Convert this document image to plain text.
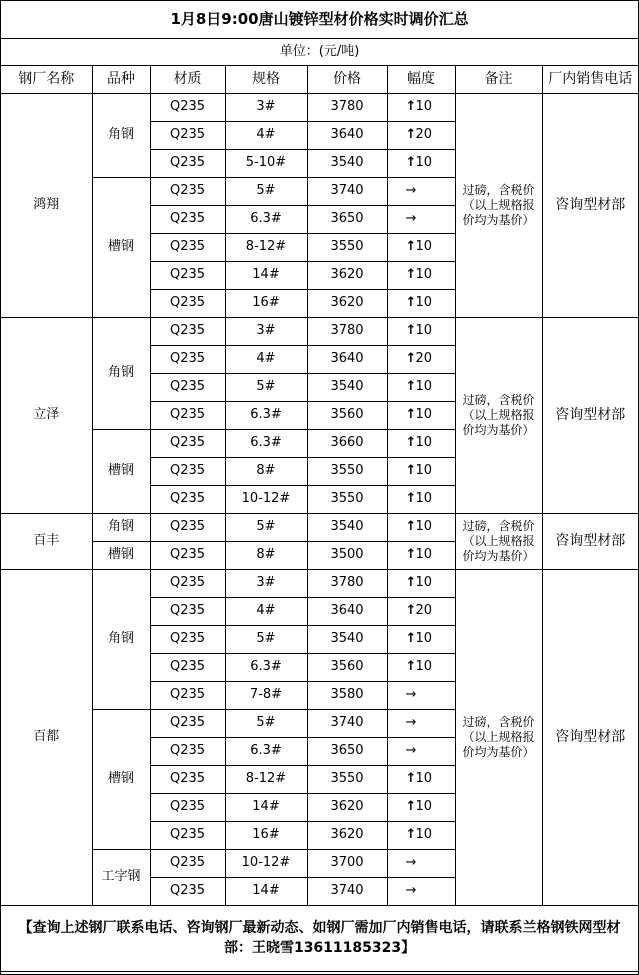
1月8日9:00唐山镀锌型材价格实时调价汇总							
单位：(元/吨)							
钢厂名称	品种	材质	规格	价格	幅度	备注	厂内销售电话
鸿翔	角钢	Q235	3#	3780	↑10	过磅，含税价（以上规格报价均为基价）	咨询型材部
		Q235	4#	3640	↑20		
		Q235	5-10#	3540	↑10		
	槽钢	Q235	5#	3740	→		
		Q235	6.3#	3650	→		
		Q235	8-12#	3550	↑10		
		Q235	14#	3620	↑10		
		Q235	16#	3620	↑10		
立泽	角钢	Q235	3#	3780	↑10	过磅，含税价（以上规格报价均为基价）	咨询型材部
		Q235	4#	3640	↑20		
		Q235	5#	3540	↑10		
		Q235	6.3#	3560	↑10		
	槽钢	Q235	6.3#	3660	↑10		
		Q235	8#	3550	↑10		
		Q235	10-12#	3550	↑10		
百丰	角钢	Q235	5#	3540	↑10	过磅，含税价（以上规格报价均为基价）	咨询型材部
	槽钢	Q235	8#	3500	↑10		
百都	角钢	Q235	3#	3780	↑10	过磅，含税价（以上规格报价均为基价）	咨询型材部
		Q235	4#	3640	↑20		
		Q235	5#	3540	↑10		
		Q235	6.3#	3560	↑10		
		Q235	7-8#	3580	→		
	槽钢	Q235	5#	3740	→		
		Q235	6.3#	3650	→		
		Q235	8-12#	3550	↑10		
		Q235	14#	3620	↑10		
		Q235	16#	3620	↑10		
	工字钢	Q235	10-12#	3700	→		
		Q235	14#	3740	→		
【查询上述钢厂联系电话、咨询钢厂最新动态、如钢厂需加厂内销售电话，请联系兰格钢铁网型材部：王晓雪13611185323】							
